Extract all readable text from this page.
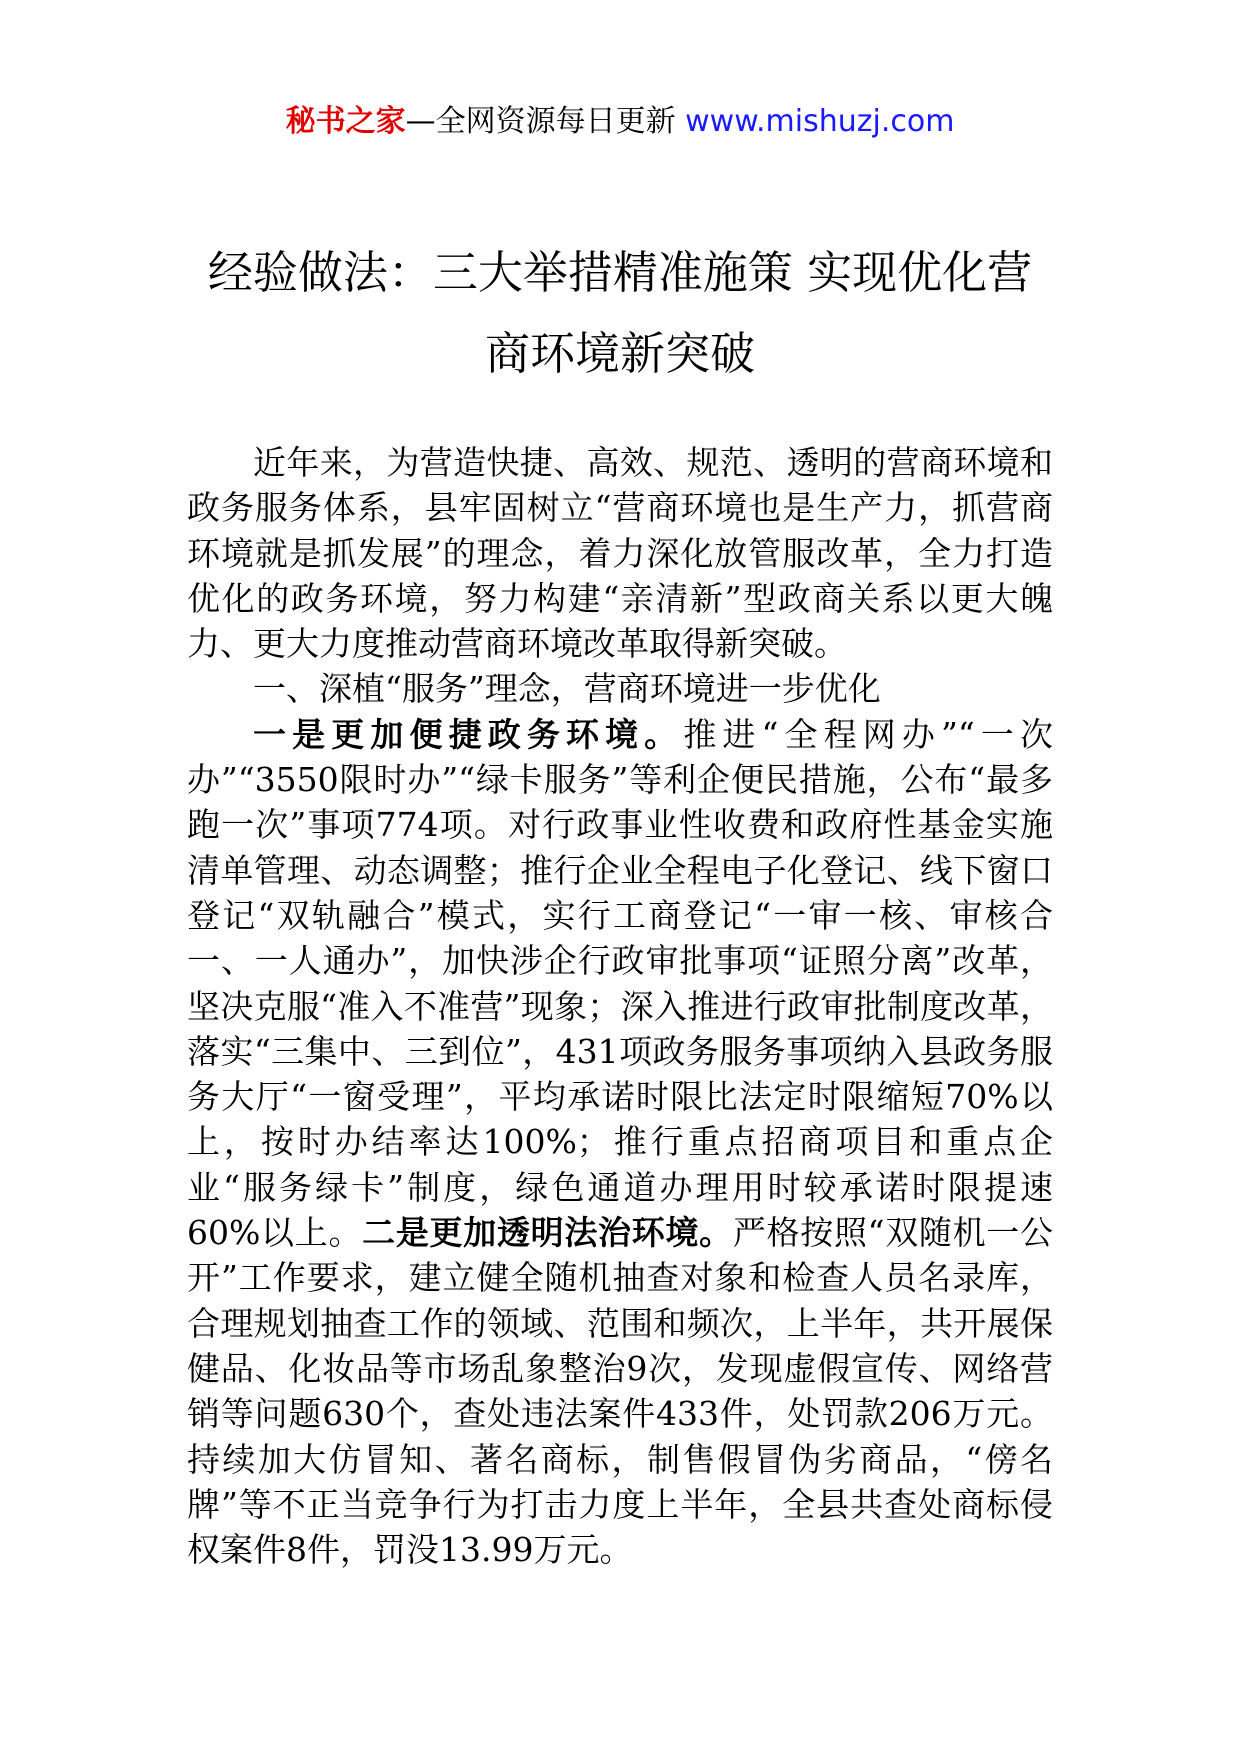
秘书之家—全网资源每日更新 www.mishuzj.com
经验做法：三大举措精准施策 实现优化营
商环境新突破

近年来，为营造快捷、高效、规范、透明的营商环境和政务服务体系，县牢固树立“营商环境也是生产力，抓营商环境就是抓发展”的理念，着力深化放管服改革，全力打造优化的政务环境，努力构建“亲清新”型政商关系以更大魄力、更大力度推动营商环境改革取得新突破。

一、深植“服务”理念，营商环境进一步优化

一是更加便捷政务环境。推进“全程网办”“一次办”“3550限时办”“绿卡服务”等利企便民措施，公布“最多跑一次”事项774项。对行政事业性收费和政府性基金实施清单管理、动态调整；推行企业全程电子化登记、线下窗口登记“双轨融合”模式，实行工商登记“一审一核、审核合一、一人通办”，加快涉企行政审批事项“证照分离”改革，坚决克服“准入不准营”现象；深入推进行政审批制度改革，落实“三集中、三到位”，431项政务服务事项纳入县政务服务大厅“一窗受理”，平均承诺时限比法定时限缩短70%以上，按时办结率达100%；推行重点招商项目和重点企业“服务绿卡”制度，绿色通道办理用时较承诺时限提速60%以上。二是更加透明法治环境。严格按照“双随机一公开”工作要求，建立健全随机抽查对象和检查人员名录库，合理规划抽查工作的领域、范围和频次，上半年，共开展保健品、化妆品等市场乱象整治9次，发现虚假宣传、网络营销等问题630个，查处违法案件433件，处罚款206万元。持续加大仿冒知、著名商标，制售假冒伪劣商品，“傍名牌”等不正当竞争行为打击力度上半年，全县共查处商标侵权案件8件，罚没13.99万元。
